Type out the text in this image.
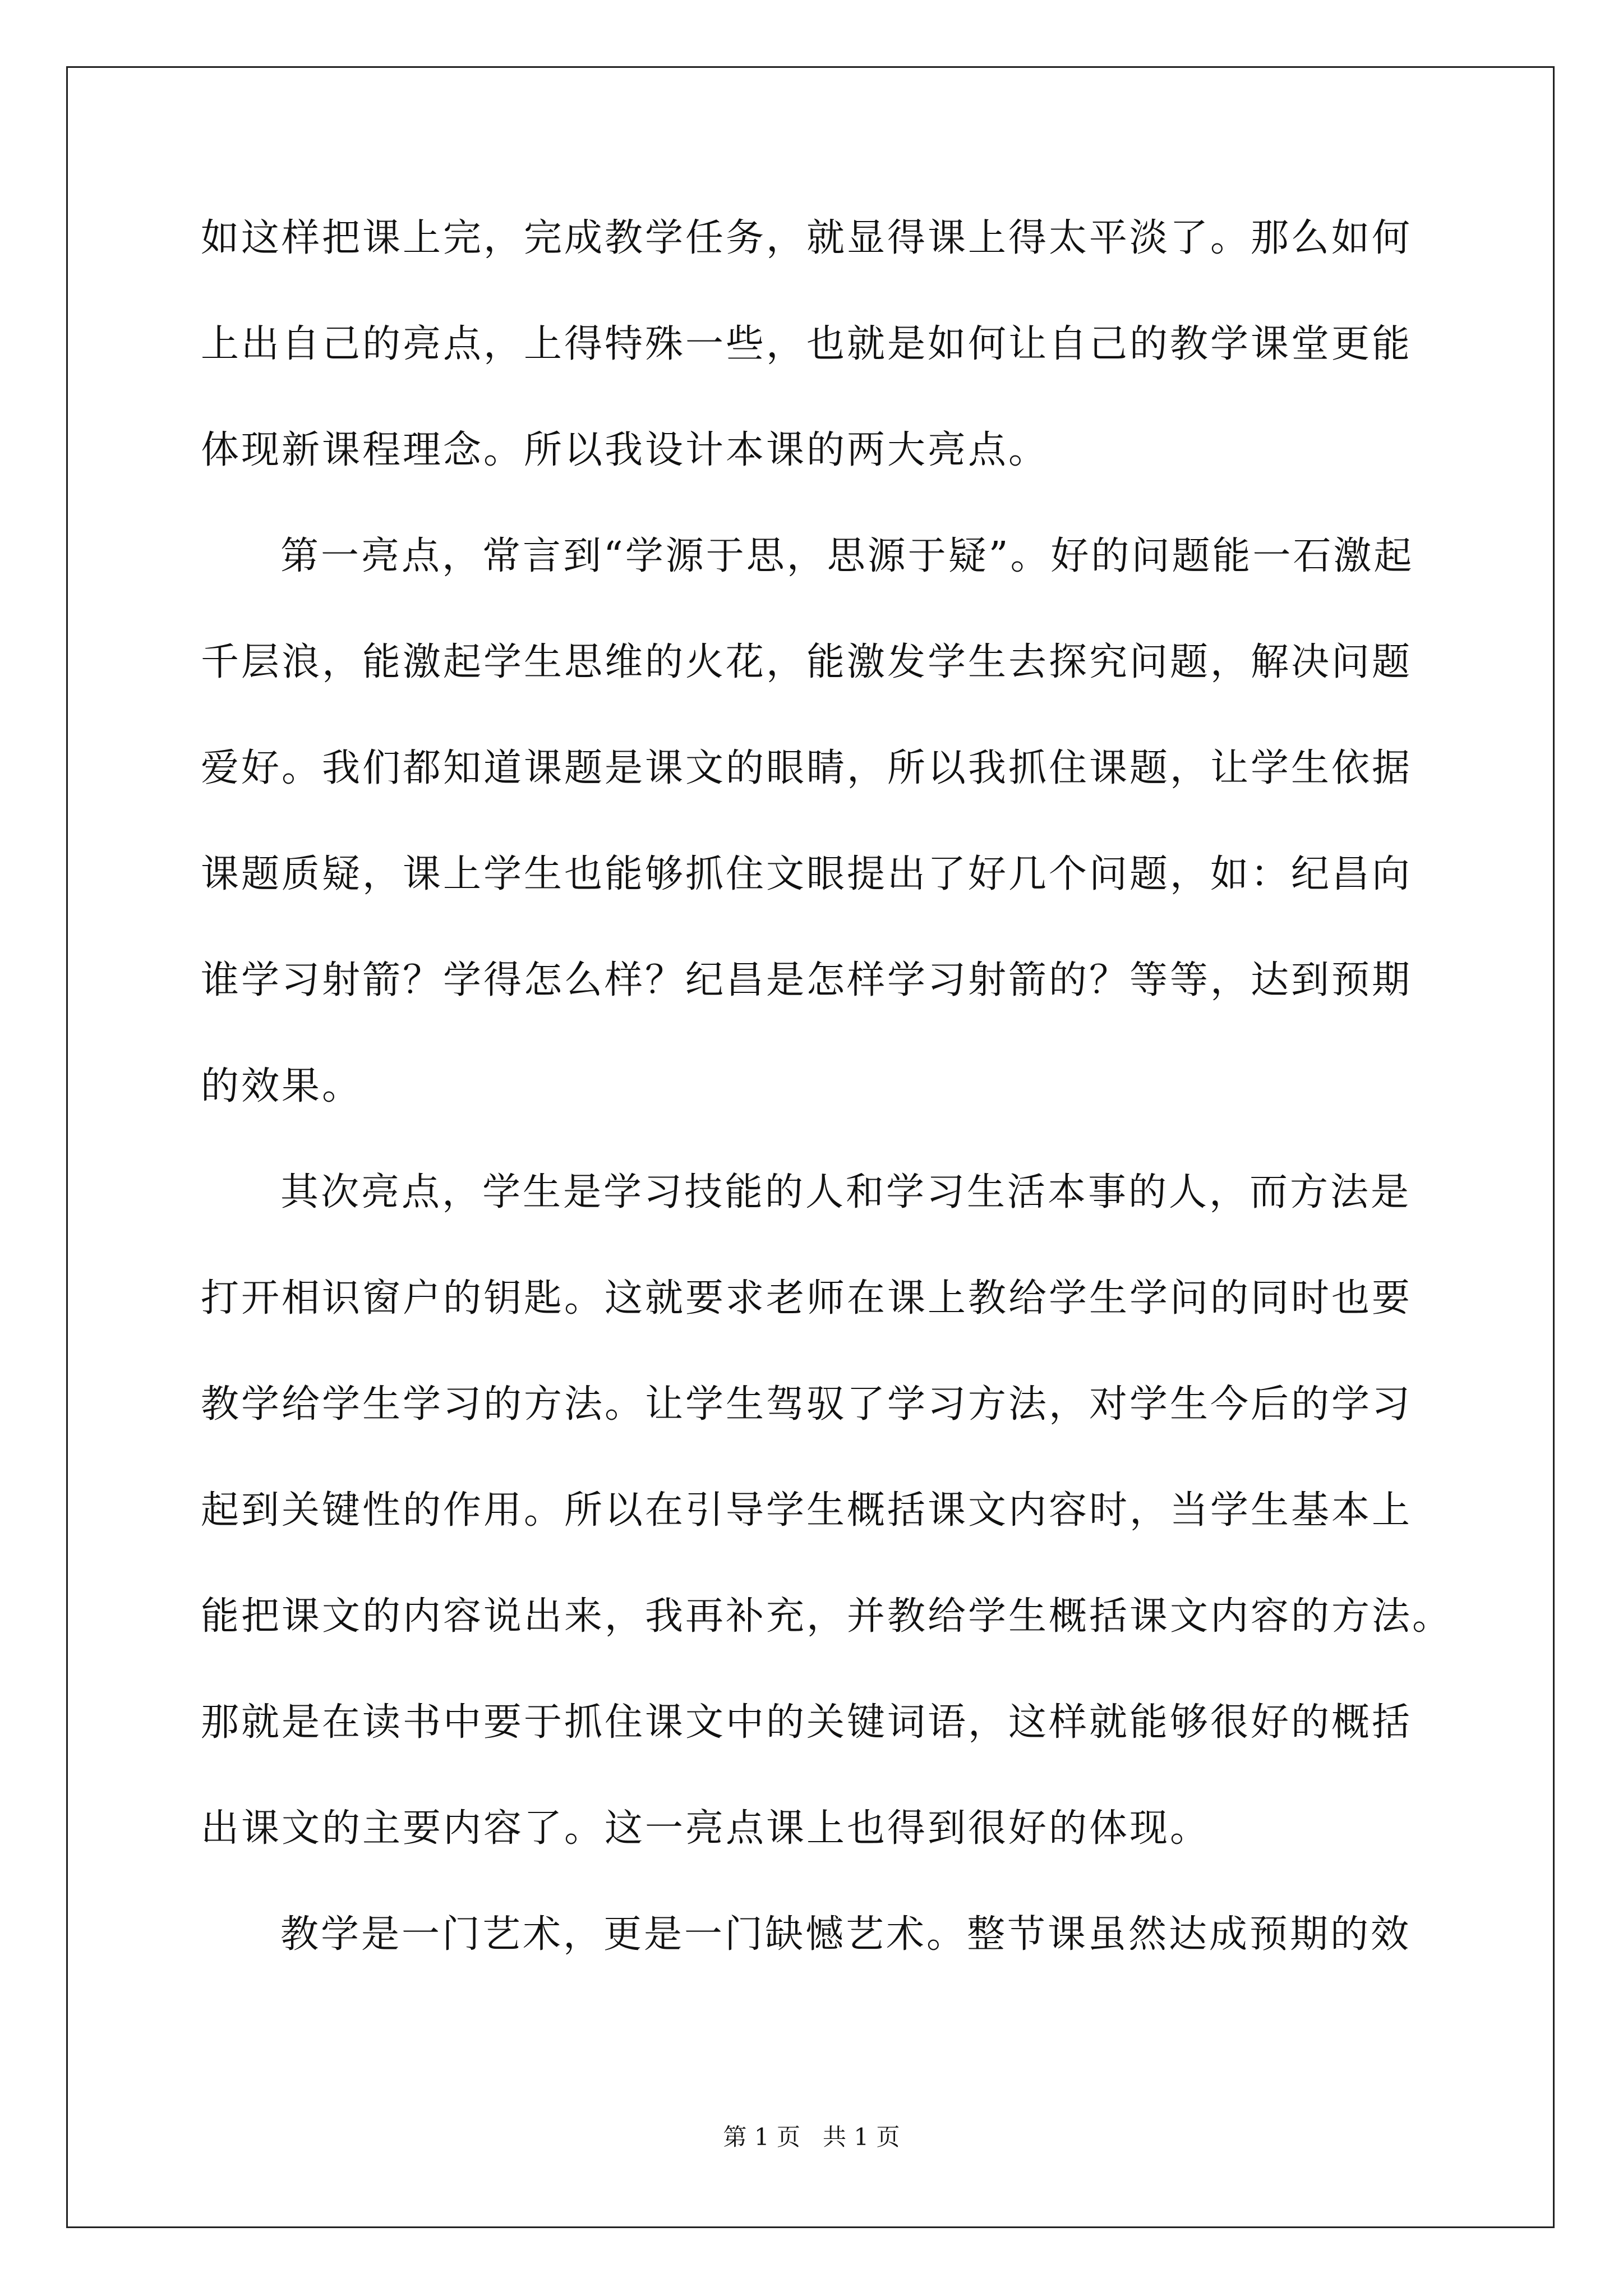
如这样把课上完，完成教学任务，就显得课上得太平淡了。那么如何
上出自己的亮点，上得特殊一些，也就是如何让自己的教学课堂更能
体现新课程理念。所以我设计本课的两大亮点。
第一亮点，常言到“学源于思，思源于疑”。好的问题能一石激起
千层浪，能激起学生思维的火花，能激发学生去探究问题，解决问题
爱好。我们都知道课题是课文的眼睛，所以我抓住课题，让学生依据
课题质疑，课上学生也能够抓住文眼提出了好几个问题，如：纪昌向
谁学习射箭？学得怎么样？纪昌是怎样学习射箭的？等等，达到预期
的效果。
其次亮点，学生是学习技能的人和学习生活本事的人，而方法是
打开相识窗户的钥匙。这就要求老师在课上教给学生学问的同时也要
教学给学生学习的方法。让学生驾驭了学习方法，对学生今后的学习
起到关键性的作用。所以在引导学生概括课文内容时，当学生基本上
能把课文的内容说出来，我再补充，并教给学生概括课文内容的方法。
那就是在读书中要于抓住课文中的关键词语，这样就能够很好的概括
出课文的主要内容了。这一亮点课上也得到很好的体现。
教学是一门艺术，更是一门缺憾艺术。整节课虽然达成预期的效
第 1 页   共 1 页
